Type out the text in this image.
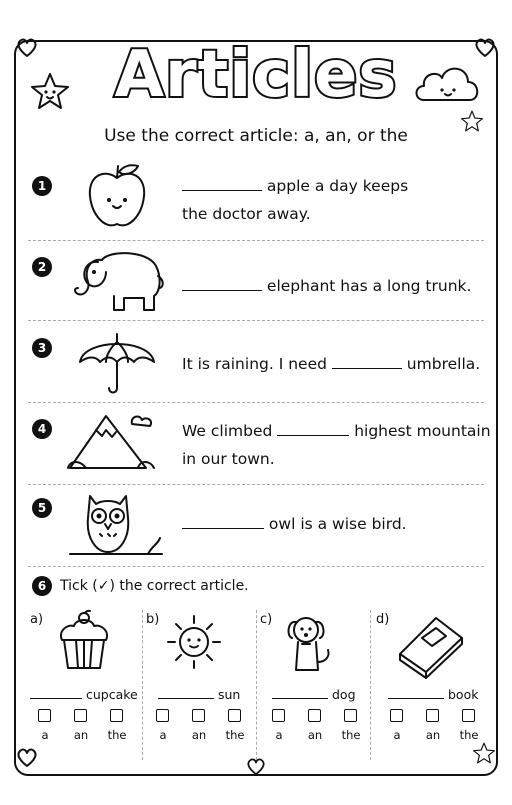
Articles
Use the correct article: a, an, or the
1	apple a day keeps
the doctor away.
2
elephant has a long trunk.
3
It is raining. I need	umbrella.
4	We climbed	highest mountain
in our town.
5
owl is a wise bird.
6 Tick (✓) the correct article.
a)
cupcake
b)
sun
c)
dog
d)
book
a	an	the	a	an	the	a	an	the	a	an	the
